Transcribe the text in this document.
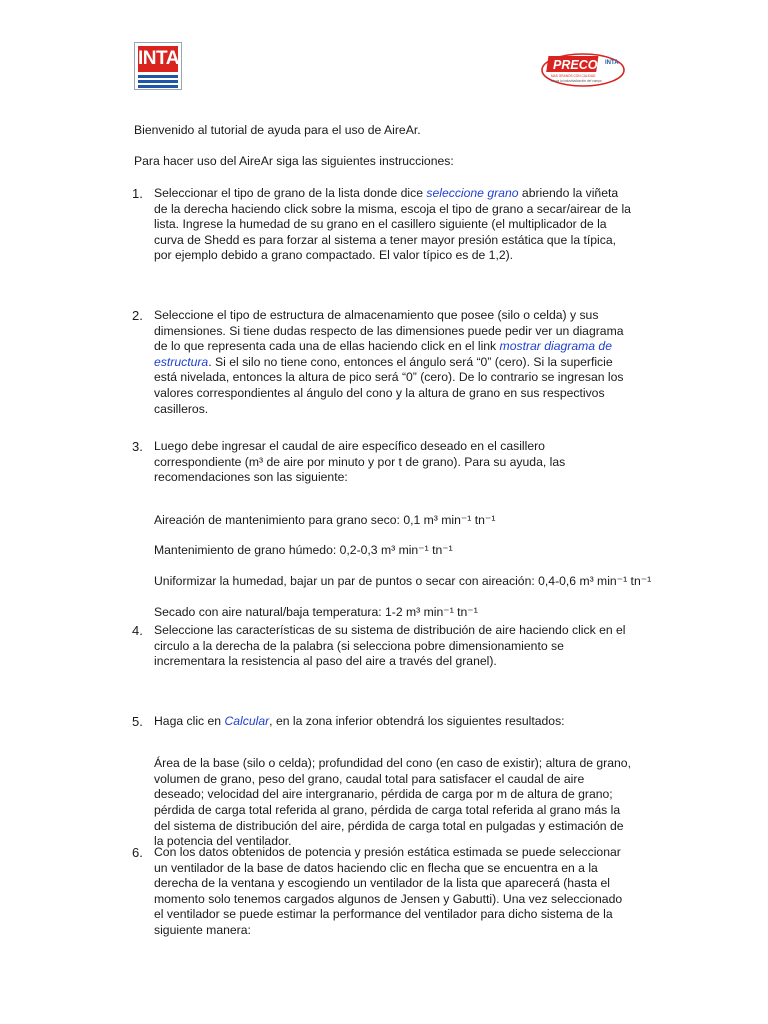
INTA	PRECOP INTA
MAS GRANOS CON CALIDAD
Hacia la industrialización del campo

Bienvenido al tutorial de ayuda para el uso de AireAr.

Para hacer uso del AireAr siga las siguientes instrucciones:

1. Seleccionar el tipo de grano de la lista donde dice seleccione grano abriendo la viñeta de la derecha haciendo click sobre la misma, escoja el tipo de grano a secar/airear de la lista. Ingrese la humedad de su grano en el casillero siguiente (el multiplicador de la curva de Shedd es para forzar al sistema a tener mayor presión estática que la típica, por ejemplo debido a grano compactado. El valor típico es de 1,2).
2. Seleccione el tipo de estructura de almacenamiento que posee (silo o celda) y sus dimensiones. Si tiene dudas respecto de las dimensiones puede pedir ver un diagrama de lo que representa cada una de ellas haciendo click en el link mostrar diagrama de estructura. Si el silo no tiene cono, entonces el ángulo será “0” (cero). Si la superficie está nivelada, entonces la altura de pico será “0” (cero). De lo contrario se ingresan los valores correspondientes al ángulo del cono y la altura de grano en sus respectivos casilleros.
3. Luego debe ingresar el caudal de aire específico deseado en el casillero correspondiente (m³ de aire por minuto y por t de grano). Para su ayuda, las recomendaciones son las siguiente:

Aireación de mantenimiento para grano seco: 0,1 m³ min⁻¹ tn⁻¹

Mantenimiento de grano húmedo: 0,2-0,3 m³ min⁻¹ tn⁻¹

Uniformizar la humedad, bajar un par de puntos o secar con aireación: 0,4-0,6 m³ min⁻¹ tn⁻¹

Secado con aire natural/baja temperatura: 1-2 m³ min⁻¹ tn⁻¹

4. Seleccione las características de su sistema de distribución de aire haciendo click en el circulo a la derecha de la palabra (si selecciona pobre dimensionamiento se incrementara la resistencia al paso del aire a través del granel).
5. Haga clic en Calcular, en la zona inferior obtendrá los siguientes resultados:

Área de la base (silo o celda); profundidad del cono (en caso de existir); altura de grano, volumen de grano, peso del grano, caudal total para satisfacer el caudal de aire deseado; velocidad del aire intergranario, pérdida de carga por m de altura de grano; pérdida de carga total referida al grano, pérdida de carga total referida al grano más la del sistema de distribución del aire, pérdida de carga total en pulgadas y estimación de la potencia del ventilador.

6. Con los datos obtenidos de potencia y presión estática estimada se puede seleccionar un ventilador de la base de datos haciendo clic en flecha que se encuentra en a la derecha de la ventana y escogiendo un ventilador de la lista que aparecerá (hasta el momento solo tenemos cargados algunos de Jensen y Gabutti). Una vez seleccionado el ventilador se puede estimar la performance del ventilador para dicho sistema de la siguiente manera:
